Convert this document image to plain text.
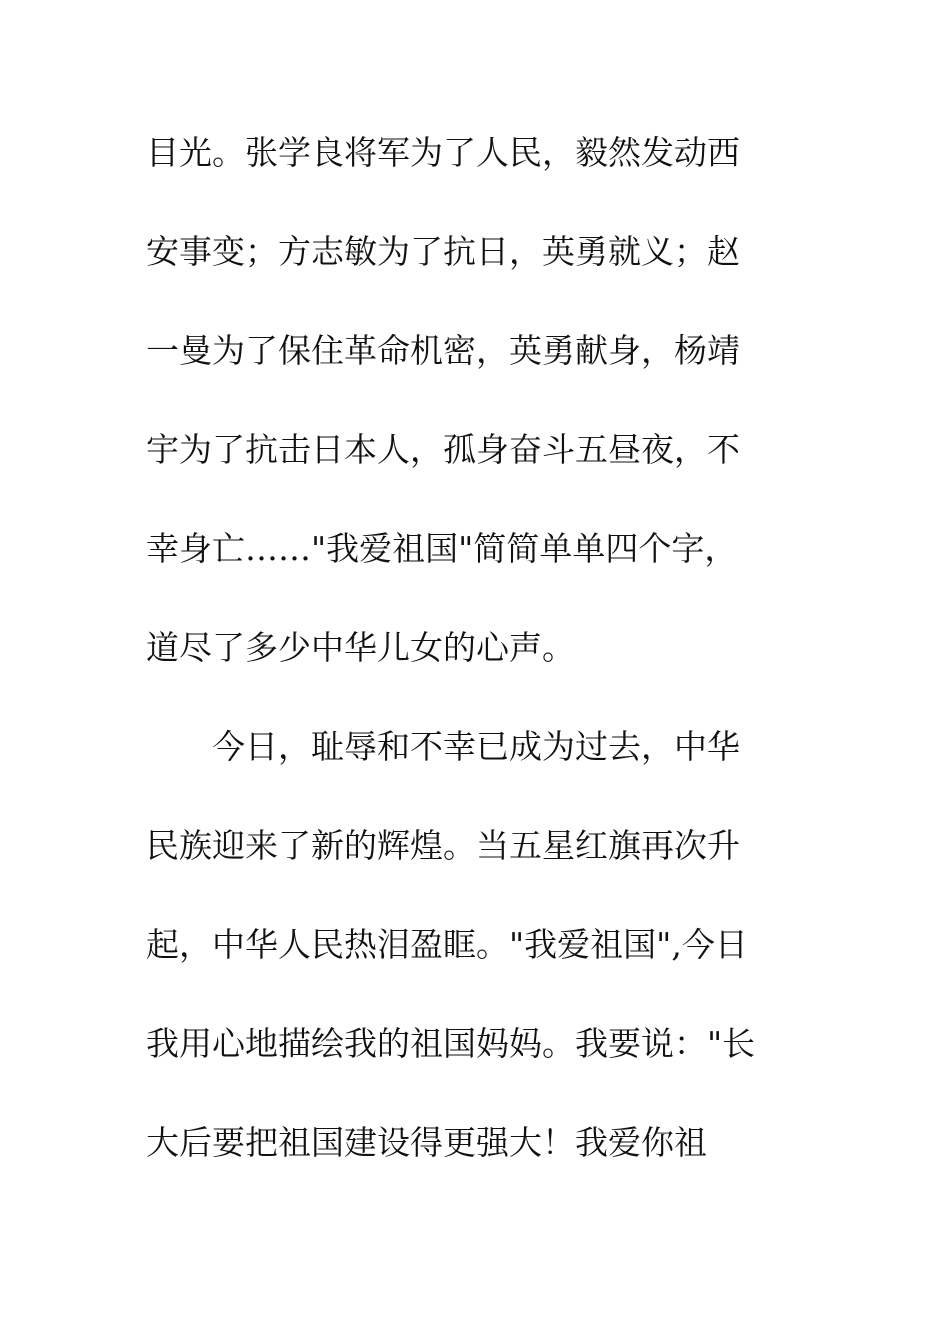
目光。张学良将军为了人民，毅然发动西
安事变；方志敏为了抗日，英勇就义；赵
一曼为了保住革命机密，英勇献身，杨靖
宇为了抗击日本人，孤身奋斗五昼夜，不
幸身亡……"我爱祖国"简简单单四个字，
道尽了多少中华儿女的心声。
　　今日，耻辱和不幸已成为过去，中华
民族迎来了新的辉煌。当五星红旗再次升
起，中华人民热泪盈眶。"我爱祖国",今日
我用心地描绘我的祖国妈妈。我要说："长
大后要把祖国建设得更强大！我爱你祖
